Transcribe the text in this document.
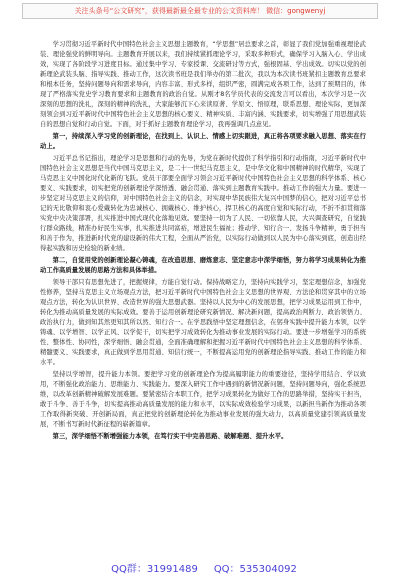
关注头条号“公文研究”，获得最新最全最专业的公文资料库！ 微信：gongwenyj

学习贯彻习近平新时代中国特色社会主义思想主题教育，“学思想”居总要求之首，彰显了我们党加强重视理论武装、理论强党的鲜明导向。主题教育开展以来，我们持续紧抓理论学习，采取多种形式，确保学习入脑入心、学出成效，实现了各阶段学习进度目标。通过集中学习、专家授课、交流研讨等方式，强根固基、学出成效。切实以党的创新理论武装头脑、指导实践、推动工作，这次读书班是我们举办的第二批次，我以为本次读书班紧扣主题教育总要求和根本任务，坚持问题导向和需求导向，内容丰富、形式多样，组织严密，圆满完成各项工作，达到了预期目的，体现了严格落实党史学习教育要求和主题教育的政治自觉。从刚才8名学员代表的交流发言可以看出，本次学习是一次深刻的思想的洗礼，深刻的精神的洗礼，大家能够沉下心来读原著、学原文、悟原理，联系思想、理论实际，更加深刻领会到习近平新时代中国特色社会主义思想的核心要义、精神实质、丰富内涵、实践要求，切实增强了用思想武装自的思想自觉和行动自觉。下面，对于抓好主题教育理论学习，我再强调几点意见。

第一，持续深入学习党的创新理论，在找到上、认识上、情感上切实跟进，真正将各项要求融入思想、落实在行动上。

习近平总书记指出，理论学习是思想和行动的先导，为党在新时代提供了科学指引和行动指南，习近平新时代中国特色社会主义思想是当代中国马克思主义，是二十一世纪马克思主义，是中华文化和中国精神的时代精华，实现了马克思主义中国化时代化新的飞跃。党员干部要全面学习领会习近平新时代中国特色社会主义思想的科学体系、核心要义、实践要求，切实把党的创新理论学深悟透、融会贯通、落实到主题教育实践中。推动工作的强大力量。要进一步坚定对马克思主义的信仰，对中国特色社会主义的信念，对实现中华民族伟大复兴中国梦的信心，把对习近平总书记的无比敬仰和衷心爱戴转化为忠诚核心、拥戴核心、维护核心，捍卫核心的高度自觉和实际行动，不折不扣贯彻落实党中央决策部署，扎实推进中国式现代化落地见效。要坚持一切为了人民、一切依靠人民，大兴调查研究，自觉践行群众路线，精准办好民生实事，扎实推进共同富裕，增进民生福祉；推动学、知行合一、发扬斗争精神，勇于担当和善于作为，推进新时代党的建设新的伟大工程，全面从严治党，以实际行动做到以人民为中心落实到底，创造出经得起实践和历史检验的新业绩。

第二，自觉用党的创新理论凝心铸魂，在改造思想、磨炼意志、坚定意志中深学细悟，努力将学习成果转化为推动工作高质量发展的思路方法和具体举措。

领导干部只有思想先进了，把握规律，方能自觉行动。保持战略定力，坚持向实践学习，坚定理想信念，加强党性修养，坚持马克思主义立场观点方法，把习近平新时代中国特色社会主义思想的世界观、方法论和贯穿其中的立场观点方法，转化为认识世界、改造世界的强大思想武器。坚持以人民为中心的发展思想，把学习成果运用到工作中，转化为推动高质量发展的实际成效。要善于运用创新理论研究新情况、解决新问题，提高政治判断力、政治领悟力、政治执行力，做到知其然更知其所以然、知行合一。在学思践悟中坚定理想信念，在躬身实践中提升能力本领，以学铸魂、以学增智、以学正风、以学促干，切实把学习成效转化为推动事业发展的实际行动。要进一步增强学习的系统性、整体性、协同性，深学细悟、融会贯通，全面准确理解和把握习近平新时代中国特色社会主义思想的科学体系、精髓要义、实践要求，真正做到学思用贯通、知信行统一，不断提高运用党的创新理论指导实践、推动工作的能力和水平。

坚持以学增智，提升能力本领。要把学习党的创新理论作为提高履职能力的重要途径，坚持学用结合、学以致用，不断强化政治能力、思维能力、实践能力。要深入研究工作中遇到的新情况新问题，坚持问题导向，强化系统思维，以改革创新精神破解发展难题。要紧密结合本职工作，把学习成果转化为做好工作的思路举措，坚持实干担当，敢于斗争、善于斗争，切实提高推动高质量发展的能力和水平，以实际成效检验学习成果，以新担当新作为推动各项工作取得新突破、开创新局面，真正把党的创新理论转化为推动事业发展的强大动力，以高质量党建引领高质量发展，不断书写新时代新征程的崭新篇章。

第三，深学细悟不断增强能力本领，在笃行实干中完善思路、破解难题、提升水平。

QQ群：31991489 QQ：535304092
